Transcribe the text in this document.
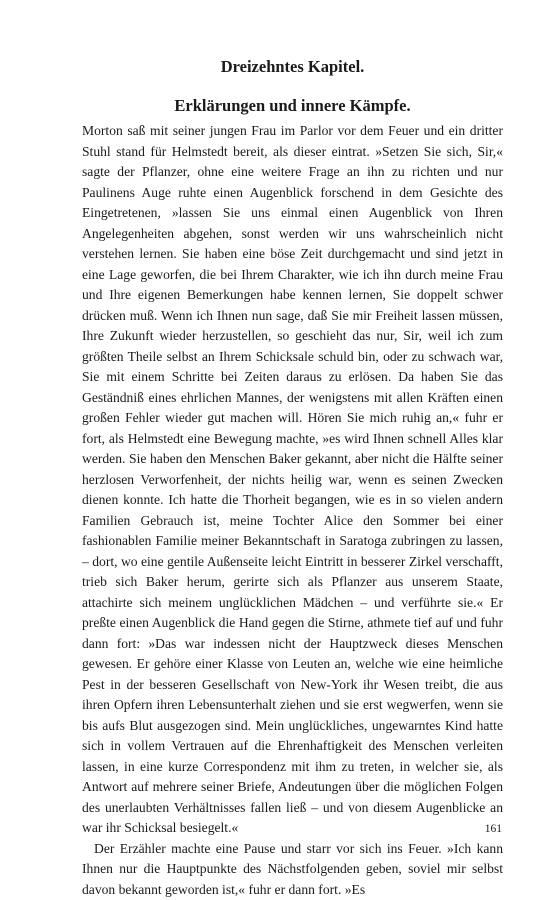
Dreizehntes Kapitel.
Erklärungen und innere Kämpfe.

Morton saß mit seiner jungen Frau im Parlor vor dem Feuer und ein dritter Stuhl stand für Helmstedt bereit, als dieser eintrat. »Setzen Sie sich, Sir,« sagte der Pflanzer, ohne eine weitere Frage an ihn zu richten und nur Paulinens Auge ruhte einen Augenblick forschend in dem Gesichte des Eingetretenen, »lassen Sie uns einmal einen Augenblick von Ihren Angelegenheiten abgehen, sonst werden wir uns wahrscheinlich nicht verstehen lernen. Sie haben eine böse Zeit durchgemacht und sind jetzt in eine Lage geworfen, die bei Ihrem Charakter, wie ich ihn durch meine Frau und Ihre eigenen Bemerkungen habe kennen lernen, Sie doppelt schwer drücken muß. Wenn ich Ihnen nun sage, daß Sie mir Freiheit lassen müssen, Ihre Zukunft wieder herzustellen, so geschieht das nur, Sir, weil ich zum größten Theile selbst an Ihrem Schicksale schuld bin, oder zu schwach war, Sie mit einem Schritte bei Zeiten daraus zu erlösen. Da haben Sie das Geständniß eines ehrlichen Mannes, der wenigstens mit allen Kräften einen großen Fehler wieder gut machen will. Hören Sie mich ruhig an,« fuhr er fort, als Helmstedt eine Bewegung machte, »es wird Ihnen schnell Alles klar werden. Sie haben den Menschen Baker gekannt, aber nicht die Hälfte seiner herzlosen Verworfenheit, der nichts heilig war, wenn es seinen Zwecken dienen konnte. Ich hatte die Thorheit begangen, wie es in so vielen andern Familien Gebrauch ist, meine Tochter Alice den Sommer bei einer fashionablen Familie meiner Bekanntschaft in Saratoga zubringen zu lassen, – dort, wo eine gentile Außenseite leicht Eintritt in besserer Zirkel verschafft, trieb sich Baker herum, gerirte sich als Pflanzer aus unserem Staate, attachirte sich meinem unglücklichen Mädchen – und verführte sie.« Er preßte einen Augenblick die Hand gegen die Stirne, athmete tief auf und fuhr dann fort: »Das war indessen nicht der Hauptzweck dieses Menschen gewesen. Er gehöre einer Klasse von Leuten an, welche wie eine heimliche Pest in der besseren Gesellschaft von New-York ihr Wesen treibt, die aus ihren Opfern ihren Lebensunterhalt ziehen und sie erst wegwerfen, wenn sie bis aufs Blut ausgezogen sind. Mein unglückliches, ungewarntes Kind hatte sich in vollem Vertrauen auf die Ehrenhaftigkeit des Menschen verleiten lassen, in eine kurze Correspondenz mit ihm zu treten, in welcher sie, als Antwort auf mehrere seiner Briefe, Andeutungen über die möglichen Folgen des unerlaubten Verhältnisses fallen ließ – und von diesem Augenblicke an war ihr Schicksal besiegelt.«

Der Erzähler machte eine Pause und starr vor sich ins Feuer. »Ich kann Ihnen nur die Hauptpunkte des Nächstfolgenden geben, soviel mir selbst davon bekannt geworden ist,« fuhr er dann fort. »Es

161
